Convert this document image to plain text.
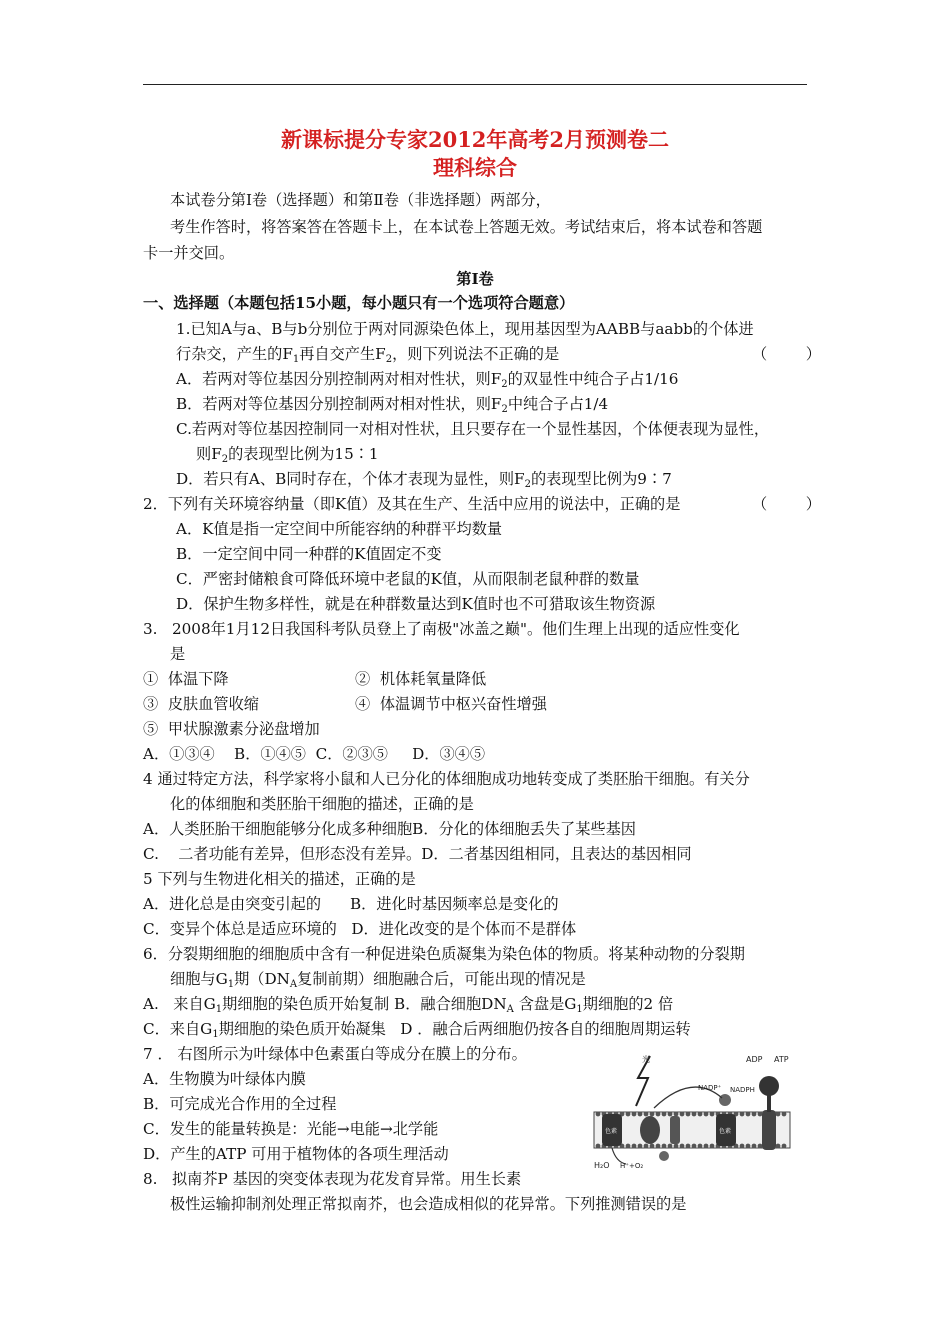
新课标提分专家2012年高考2月预测卷二
理科综合
本试卷分第Ⅰ卷（选择题）和第Ⅱ卷（非选择题）两部分，
考生作答时，将答案答在答题卡上，在本试卷上答题无效。考试结束后，将本试卷和答题
卡一并交回。
第Ⅰ卷
一、选择题（本题包括15小题，每小题只有一个选项符合题意）
1.已知A与a、B与b分别位于两对同源染色体上，现用基因型为AABB与aabb的个体进
行杂交，产生的$F_1$再自交产生$F_2$，则下列说法不正确的是	（        ）
A．若两对等位基因分别控制两对相对性状，则$F_2$的双显性中纯合子占1/16
B．若两对等位基因分别控制两对相对性状，则$F_2$中纯合子占1/4
C.若两对等位基因控制同一对相对性状，且只要存在一个显性基因，个体便表现为显性，
则$F_2$的表现型比例为15∶1
D．若只有A、B同时存在，个体才表现为显性，则$F_2$的表现型比例为9∶7
2．下列有关环境容纳量（即K值）及其在生产、生活中应用的说法中，正确的是	（        ）
A．K值是指一定空间中所能容纳的种群平均数量
B．一定空间中同一种群的K值固定不变
C．严密封储粮食可降低环境中老鼠的K值，从而限制老鼠种群的数量
D．保护生物多样性，就是在种群数量达到K值时也不可猎取该生物资源
3.   2008年1月12日我国科考队员登上了南极"冰盖之巅"。他们生理上出现的适应性变化
是
①  体温下降	②  机体耗氧量降低
③  皮肤血管收缩	④  体温调节中枢兴奋性增强
⑤  甲状腺激素分泌盘增加
A．①③④    B．①④⑤  C．②③⑤     D．③④⑤
4 通过特定方法，科学家将小鼠和人已分化的体细胞成功地转变成了类胚胎干细胞。有关分
化的体细胞和类胚胎干细胞的描述，正确的是
A．人类胚胎干细胞能够分化成多种细胞B．分化的体细胞丢失了某些基因
C.    二者功能有差异，但形态没有差异。D．二者基因组相同，且表达的基因相同
5 下列与生物进化相关的描述，正确的是
A．进化总是由突变引起的      B．进化时基因频率总是变化的
C．变异个体总是适应环境的   D．进化改变的是个体而不是群体
6．分裂期细胞的细胞质中含有一种促进染色质凝集为染色体的物质。将某种动物的分裂期
细胞与$G_1$期（$DN_A$复制前期）细胞融合后，可能出现的情况是
A.   来自$G_1$期细胞的染色质开始复制 B．融合细胞$DN_A$ 含盘是$G_1$期细胞的2 倍
C．来自$G_1$期细胞的染色质开始凝集   D ．融合后两细胞仍按各自的细胞周期运转
7 ． 右图所示为叶绿体中色素蛋白等成分在膜上的分布。
A．生物膜为叶绿体内膜
B．可完成光合作用的全过程
C．发生的能量转换是：光能→电能→北学能
D．产生的ATP 可用于植物体的各项生理活动
8.   拟南芥P 基因的突变体表现为花发育异常。用生长素
极性运输抑制剂处理正常拟南芥，也会造成相似的花异常。下列推测错误的是
色素	色素
光	ADP ATP
NADP⁺ NADPH
H₂O H⁺+O₂
